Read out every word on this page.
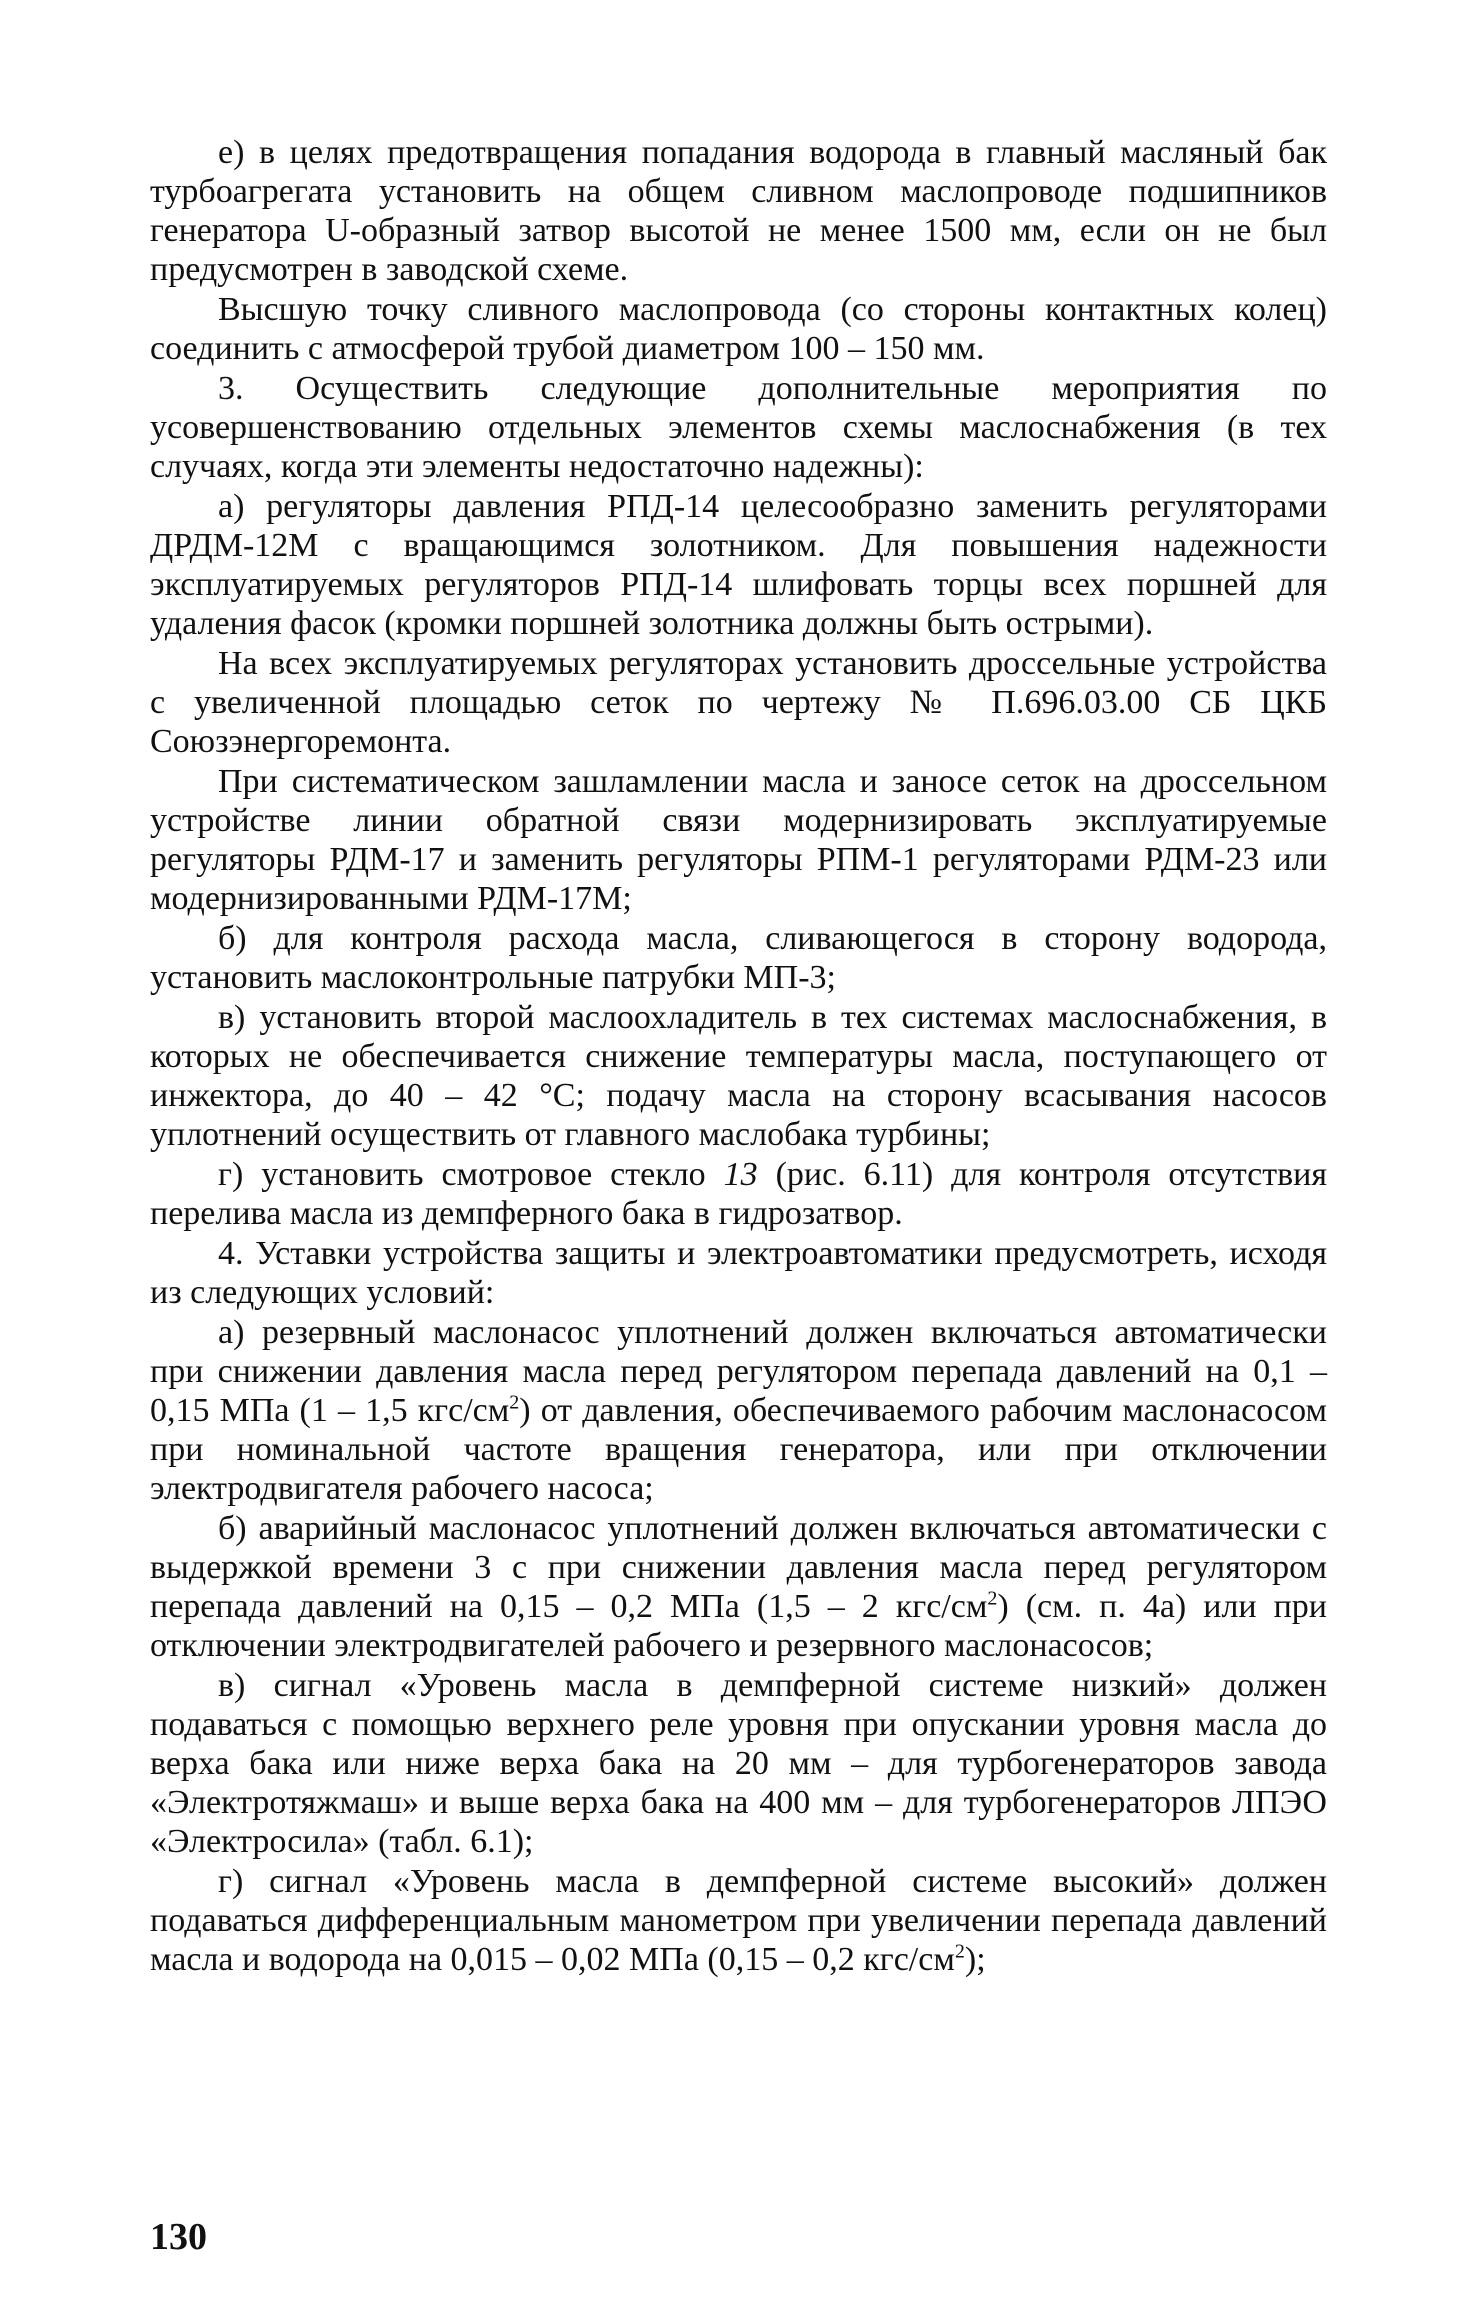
е) в целях предотвращения попадания водорода в главный масляный бак турбоагрегата установить на общем сливном маслопроводе подшипников генератора U-образный затвор высотой не менее 1500 мм, если он не был предусмотрен в заводской схеме.

Высшую точку сливного маслопровода (со стороны контактных колец) соединить с атмосферой трубой диаметром 100 – 150 мм.

3. Осуществить следующие дополнительные мероприятия по усовершенствованию отдельных элементов схемы маслоснабжения (в тех случаях, когда эти элементы недостаточно надежны):

а) регуляторы давления РПД-14 целесообразно заменить регуляторами ДРДМ-12М с вращающимся золотником. Для повышения надежности эксплуатируемых регуляторов РПД-14 шлифовать торцы всех поршней для удаления фасок (кромки поршней золотника должны быть острыми).

На всех эксплуатируемых регуляторах установить дроссельные устройства с увеличенной площадью сеток по чертежу № П.696.03.00 СБ ЦКБ Союзэнергоремонта.

При систематическом зашламлении масла и заносе сеток на дроссельном устройстве линии обратной связи модернизировать эксплуатируемые регуляторы РДМ-17 и заменить регуляторы РПМ-1 регуляторами РДМ-23 или модернизированными РДМ-17М;

б) для контроля расхода масла, сливающегося в сторону водорода, установить маслоконтрольные патрубки МП-3;

в) установить второй маслоохладитель в тех системах маслоснабжения, в которых не обеспечивается снижение температуры масла, поступающего от инжектора, до 40 – 42 °С; подачу масла на сторону всасывания насосов уплотнений осуществить от главного маслобака турбины;

г) установить смотровое стекло 13 (рис. 6.11) для контроля отсутствия перелива масла из демпферного бака в гидрозатвор.

4. Уставки устройства защиты и электроавтоматики предусмотреть, исходя из следующих условий:

а) резервный маслонасос уплотнений должен включаться автоматически при снижении давления масла перед регулятором перепада давлений на 0,1 – 0,15 МПа (1 – 1,5 кгс/$см^2$) от давления, обеспечиваемого рабочим маслонасосом при номинальной частоте вращения генератора, или при отключении электродвигателя рабочего насоса;

б) аварийный маслонасос уплотнений должен включаться автоматически с выдержкой времени 3 с при снижении давления масла перед регулятором перепада давлений на 0,15 – 0,2 МПа (1,5 – 2 кгс/$см^2$) (см. п. 4а) или при отключении электродвигателей рабочего и резервного маслонасосов;

в) сигнал «Уровень масла в демпферной системе низкий» должен подаваться с помощью верхнего реле уровня при опускании уровня масла до верха бака или ниже верха бака на 20 мм – для турбогенераторов завода «Электротяжмаш» и выше верха бака на 400 мм – для турбогенераторов ЛПЭО «Электросила» (табл. 6.1);

г) сигнал «Уровень масла в демпферной системе высокий» должен подаваться дифференциальным манометром при увеличении перепада давлений масла и водорода на 0,015 – 0,02 МПа (0,15 – 0,2 кгс/$см^2$);

130
